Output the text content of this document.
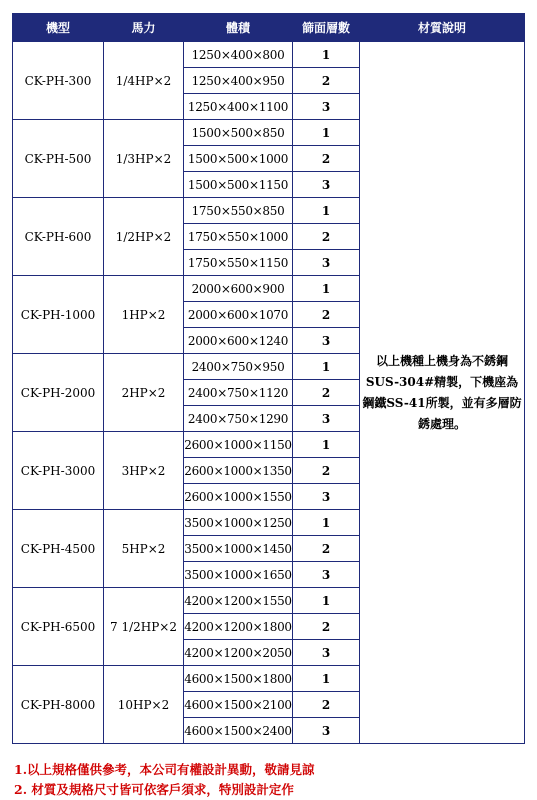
機型	馬力	體積	篩面層數	材質說明
CK-PH-300	1/4HP×2	1250×400×800	1	以上機種上機身為不銹鋼SUS-304#精製，下機座為鋼鐵SS-41所製，並有多層防銹處理。
		1250×400×950	2	
		1250×400×1100	3	
CK-PH-500	1/3HP×2	1500×500×850	1	
		1500×500×1000	2	
		1500×500×1150	3	
CK-PH-600	1/2HP×2	1750×550×850	1	
		1750×550×1000	2	
		1750×550×1150	3	
CK-PH-1000	1HP×2	2000×600×900	1	
		2000×600×1070	2	
		2000×600×1240	3	
CK-PH-2000	2HP×2	2400×750×950	1	
		2400×750×1120	2	
		2400×750×1290	3	
CK-PH-3000	3HP×2	2600×1000×1150	1	
		2600×1000×1350	2	
		2600×1000×1550	3	
CK-PH-4500	5HP×2	3500×1000×1250	1	
		3500×1000×1450	2	
		3500×1000×1650	3	
CK-PH-6500	7 1/2HP×2	4200×1200×1550	1	
		4200×1200×1800	2	
		4200×1200×2050	3	
CK-PH-8000	10HP×2	4600×1500×1800	1	
		4600×1500×2100	2	
		4600×1500×2400	3	
1.以上規格僅供參考，本公司有權設計異動，敬請見諒
2. 材質及規格尺寸皆可依客戶須求，特別設計定作
